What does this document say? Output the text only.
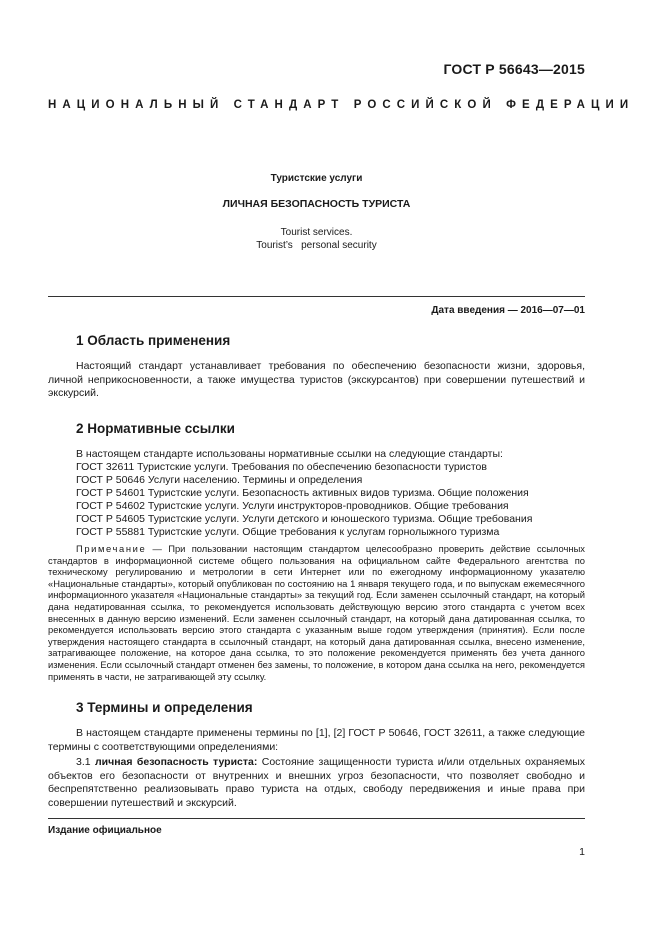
ГОСТ Р 56643—2015
НАЦИОНАЛЬНЫЙ СТАНДАРТ РОССИЙСКОЙ ФЕДЕРАЦИИ
Туристские услуги
ЛИЧНАЯ БЕЗОПАСНОСТЬ ТУРИСТА
Tourist services.
Tourist’s   personal security
Дата введения — 2016—07—01
1 Область применения

Настоящий стандарт устанавливает требования по обеспечению безопасности жизни, здоровья, личной неприкосновенности, а также имущества туристов (экскурсантов) при совершении путешествий и экскурсий.

2 Нормативные ссылки

В настоящем стандарте использованы нормативные ссылки на следующие стандарты:

ГОСТ 32611 Туристские услуги. Требования по обеспечению безопасности туристов
ГОСТ Р 50646 Услуги населению. Термины и определения
ГОСТ Р 54601 Туристские услуги. Безопасность активных видов туризма. Общие положения
ГОСТ Р 54602 Туристские услуги. Услуги инструкторов-проводников. Общие требования
ГОСТ Р 54605 Туристские услуги. Услуги детского и юношеского туризма. Общие требования
ГОСТ Р 55881 Туристские услуги. Общие требования к услугам горнолыжного туризма

Примечание — При пользовании настоящим стандартом целесообразно проверить действие ссылочных стандартов в информационной системе общего пользования на официальном сайте Федерального агентства по техническому регулированию и метрологии в сети Интернет или по ежегодному информационному указателю «Национальные стандарты», который опубликован по состоянию на 1 января текущего года, и по выпускам ежемесячного информационного указателя «Национальные стандарты» за текущий год. Если заменен ссылочный стандарт, на который дана недатированная ссылка, то рекомендуется использовать действующую версию этого стандарта с учетом всех внесенных в данную версию изменений. Если заменен ссылочный стандарт, на который дана датированная ссылка, то рекомендуется использовать версию этого стандарта с указанным выше годом утверждения (принятия). Если после утверждения настоящего стандарта в ссылочный стандарт, на который дана датированная ссылка, внесено изменение, затрагивающее положение, на которое дана ссылка, то это положение рекомендуется применять без учета данного изменения. Если ссылочный стандарт отменен без замены, то положение, в котором дана ссылка на него, рекомендуется применять в части, не затрагивающей эту ссылку.

3 Термины и определения

В настоящем стандарте применены термины по [1], [2] ГОСТ Р 50646, ГОСТ 32611, а также следующие термины с соответствующими определениями:

3.1 личная безопасность туриста: Состояние защищенности туриста и/или отдельных охраняемых объектов его безопасности от внутренних и внешних угроз безопасности, что позволяет свободно и беспрепятственно реализовывать право туриста на отдых, свободу передвижения и иные права при совершении путешествий и экскурсий.

Издание официальное
1
